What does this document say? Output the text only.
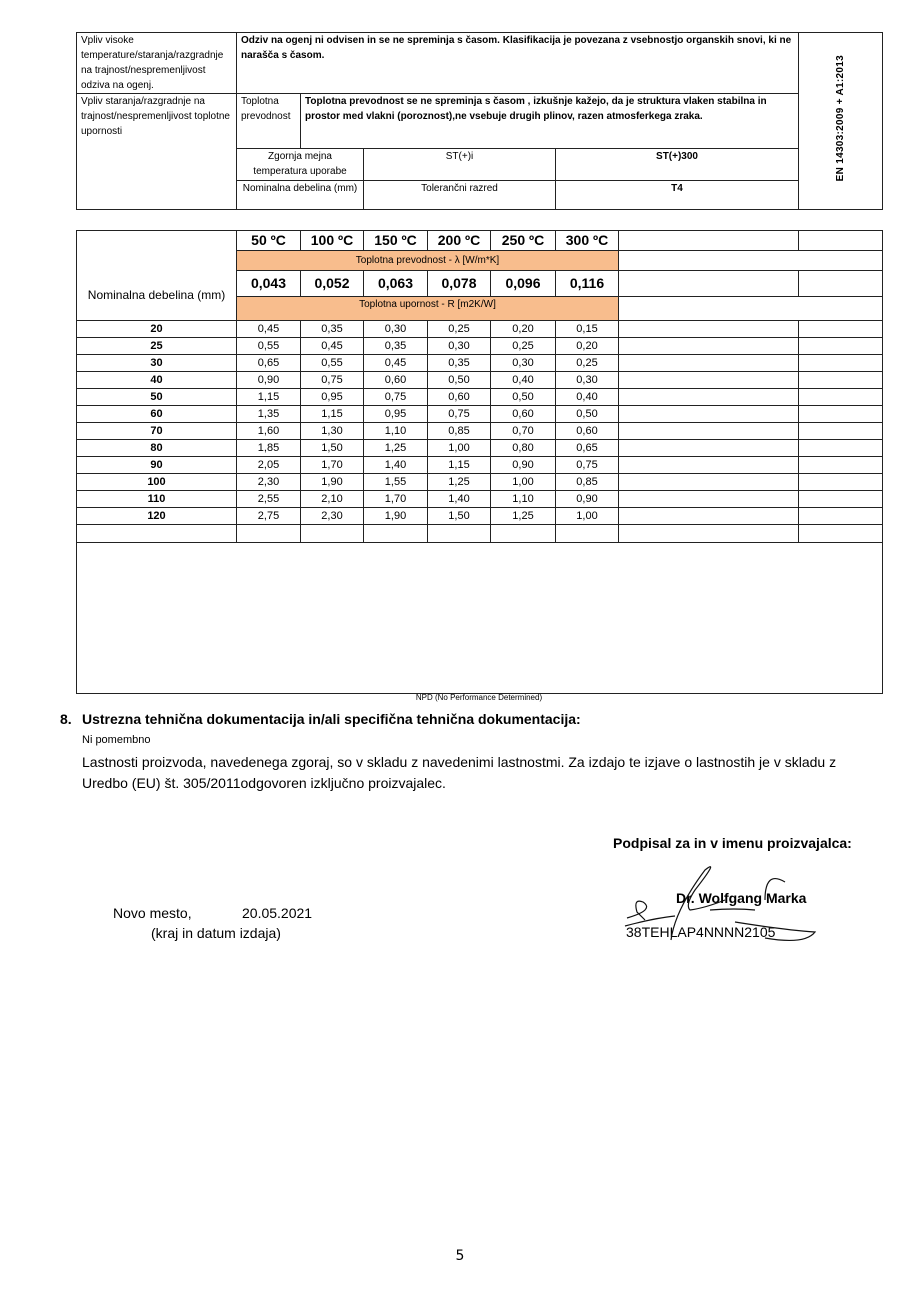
Vpliv visoke temperature/staranja/razgradnje na trajnost/nespremenljivost odziva na ogenj.	Odziv na ogenj ni odvisen in se ne spreminja s časom. Klasifikacija je povezana z vsebnostjo organskih snovi, ki ne narašča s časom.				EN 14303:2009 + A1:2013
Vpliv staranja/razgradnje na trajnost/nespremenljivost toplotne upornosti	Toplotna prevodnost	Toplotna prevodnost se ne spreminja s časom , izkušnje kažejo, da je struktura vlaken stabilna in prostor med vlakni (poroznost),ne vsebuje drugih plinov, razen atmosferkega zraka.			
	Zgornja mejna temperatura uporabe		ST(+)i	ST(+)300	
	Nominalna debelina (mm)		Tolerančni razred	T4	
Nominalna debelina (mm)	50 ºC	100 ºC	150 ºC	200 ºC	250 ºC	300 ºC		
	Toplotna prevodnost - λ [W/m*K]							
	0,043	0,052	0,063	0,078	0,096	0,116		
	Toplotna upornost - R [m2K/W]							
20	0,45	0,35	0,30	0,25	0,20	0,15		
25	0,55	0,45	0,35	0,30	0,25	0,20		
30	0,65	0,55	0,45	0,35	0,30	0,25		
40	0,90	0,75	0,60	0,50	0,40	0,30		
50	1,15	0,95	0,75	0,60	0,50	0,40		
60	1,35	1,15	0,95	0,75	0,60	0,50		
70	1,60	1,30	1,10	0,85	0,70	0,60		
80	1,85	1,50	1,25	1,00	0,80	0,65		
90	2,05	1,70	1,40	1,15	0,90	0,75		
100	2,30	1,90	1,55	1,25	1,00	0,85		
110	2,55	2,10	1,70	1,40	1,10	0,90		
120	2,75	2,30	1,90	1,50	1,25	1,00		

NPD (No Performance Determined)
8. Ustrezna tehnična dokumentacija in/ali specifična tehnična dokumentacija:
Ni pomembno
Lastnosti proizvoda, navedenega zgoraj, so v skladu z navedenimi lastnostmi. Za izdajo te izjave o lastnostih je v skladu z Uredbo (EU) št. 305/2011odgovoren izključno proizvajalec.
Podpisal za in v imenu proizvajalca:
Novo mesto,	20.05.2021
(kraj in datum izdaja)
Dr. Wolfgang Marka
38TEHLAP4NNNN2105
5
